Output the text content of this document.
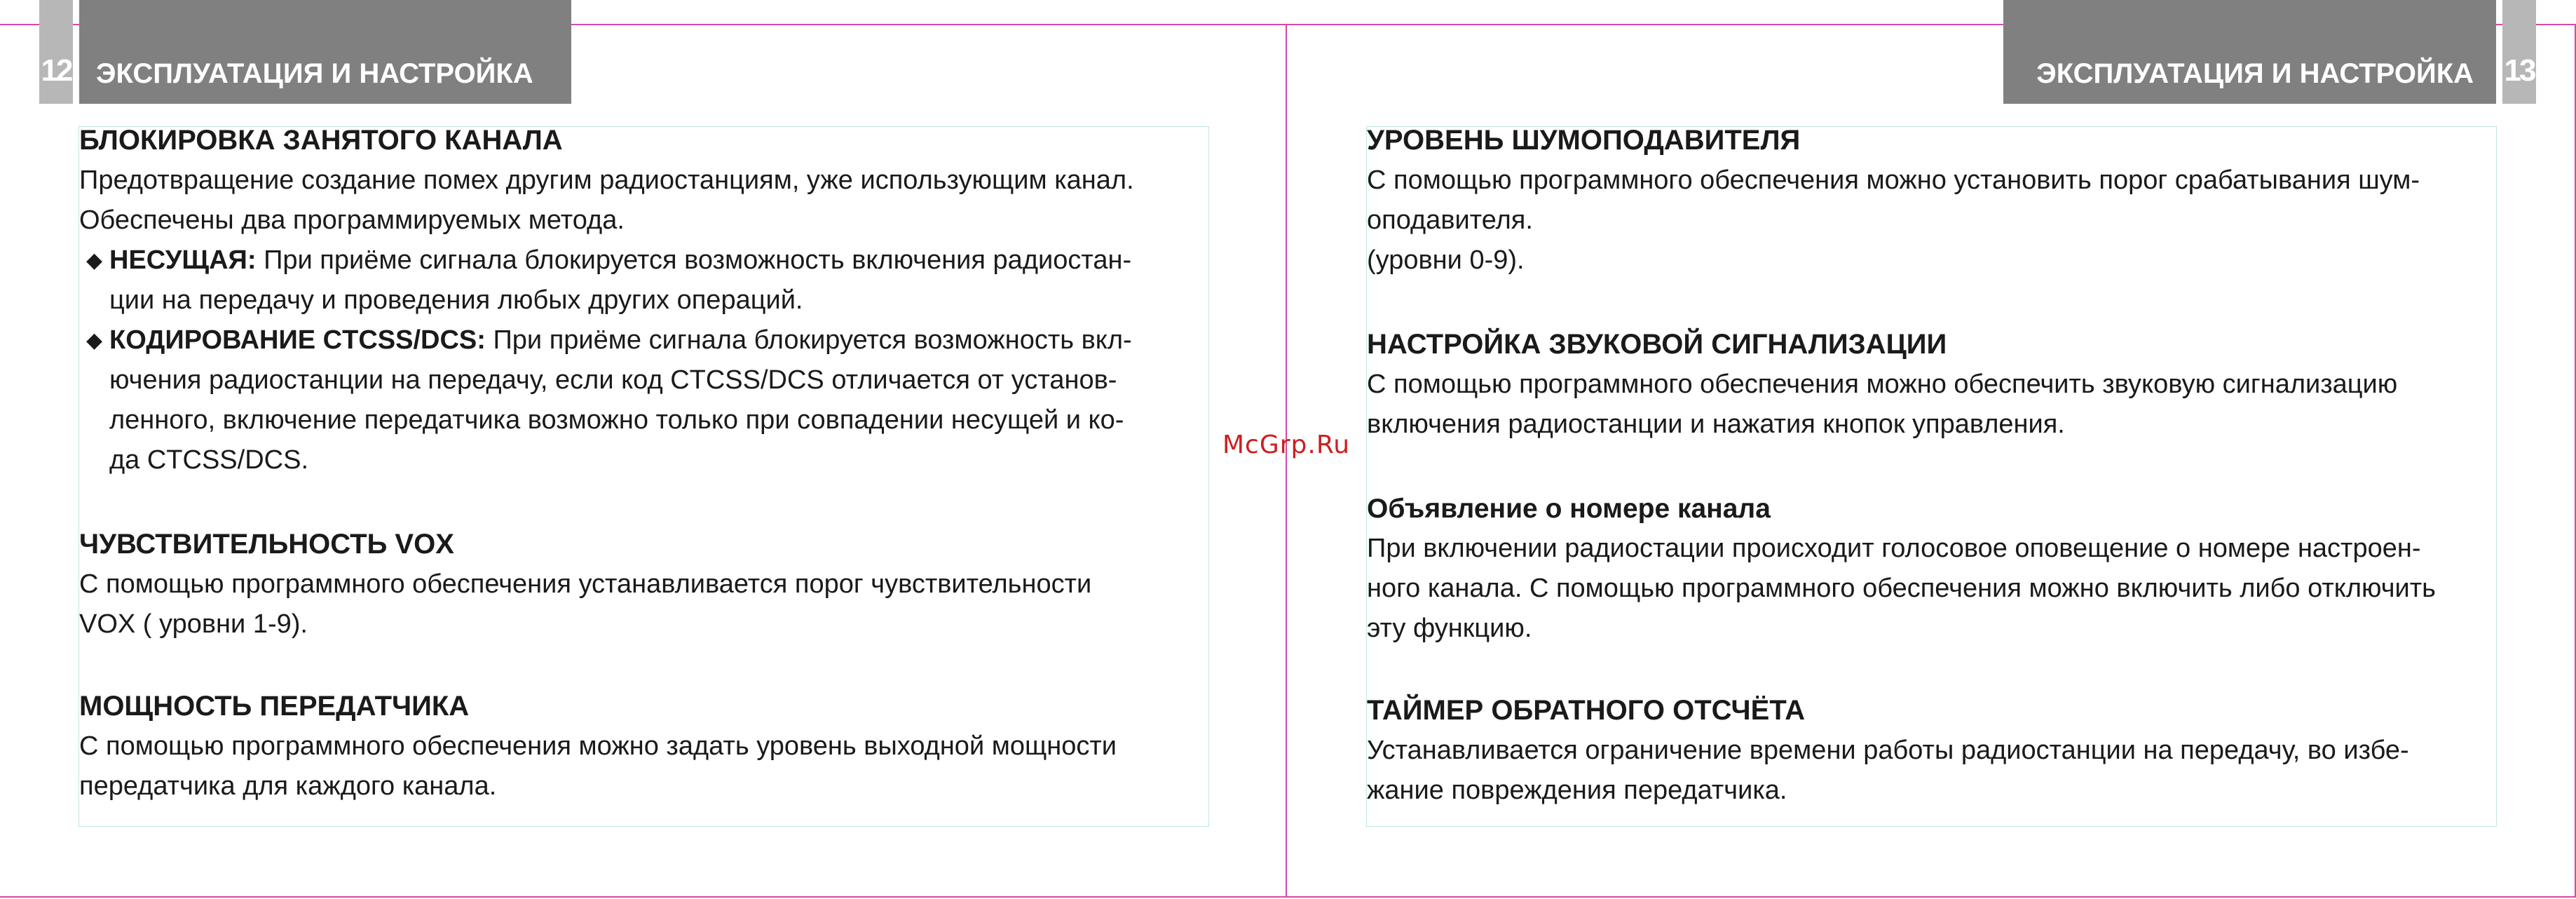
12 ЭКСПЛУАТАЦИЯ И НАСТРОЙКА	ЭКСПЛУАТАЦИЯ И НАСТРОЙКА 13

БЛОКИРОВКА ЗАНЯТОГО КАНАЛА

Предотвращение создание помех другим радиостанциям, уже использующим канал.

Обеспечены два программируемых метода.

◆ НЕСУЩАЯ: При приёме сигнала блокируется возможность включения радиостан-

ции на передачу и проведения любых других операций.

◆ КОДИРОВАНИЕ CTCSS/DCS: При приёме сигнала блокируется возможность вкл-

ючения радиостанции на передачу, если код CTCSS/DCS отличается от установ-

ленного, включение передатчика возможно только при совпадении несущей и ко-

да CTCSS/DCS.

ЧУВСТВИТЕЛЬНОСТЬ VOX

С помощью программного обеспечения устанавливается порог чувствительности

VOX ( уровни 1-9).

МОЩНОСТЬ ПЕРЕДАТЧИКА

С помощью программного обеспечения можно задать уровень выходной мощности

передатчика для каждого канала.

УРОВЕНЬ ШУМОПОДАВИТЕЛЯ

С помощью программного обеспечения можно установить порог срабатывания шум-

оподавителя.

(уровни 0-9).

НАСТРОЙКА ЗВУКОВОЙ СИГНАЛИЗАЦИИ

С помощью программного обеспечения можно обеспечить звуковую сигнализацию

включения радиостанции и нажатия кнопок управления.

Объявление о номере канала

При включении радиостации происходит голосовое оповещение о номере настроен-

ного канала. С помощью программного обеспечения можно включить либо отключить

эту функцию.

ТАЙМЕР ОБРАТНОГО ОТСЧЁТА

Устанавливается ограничение времени работы радиостанции на передачу, во избе-

жание повреждения передатчика.

McGrp.Ru
